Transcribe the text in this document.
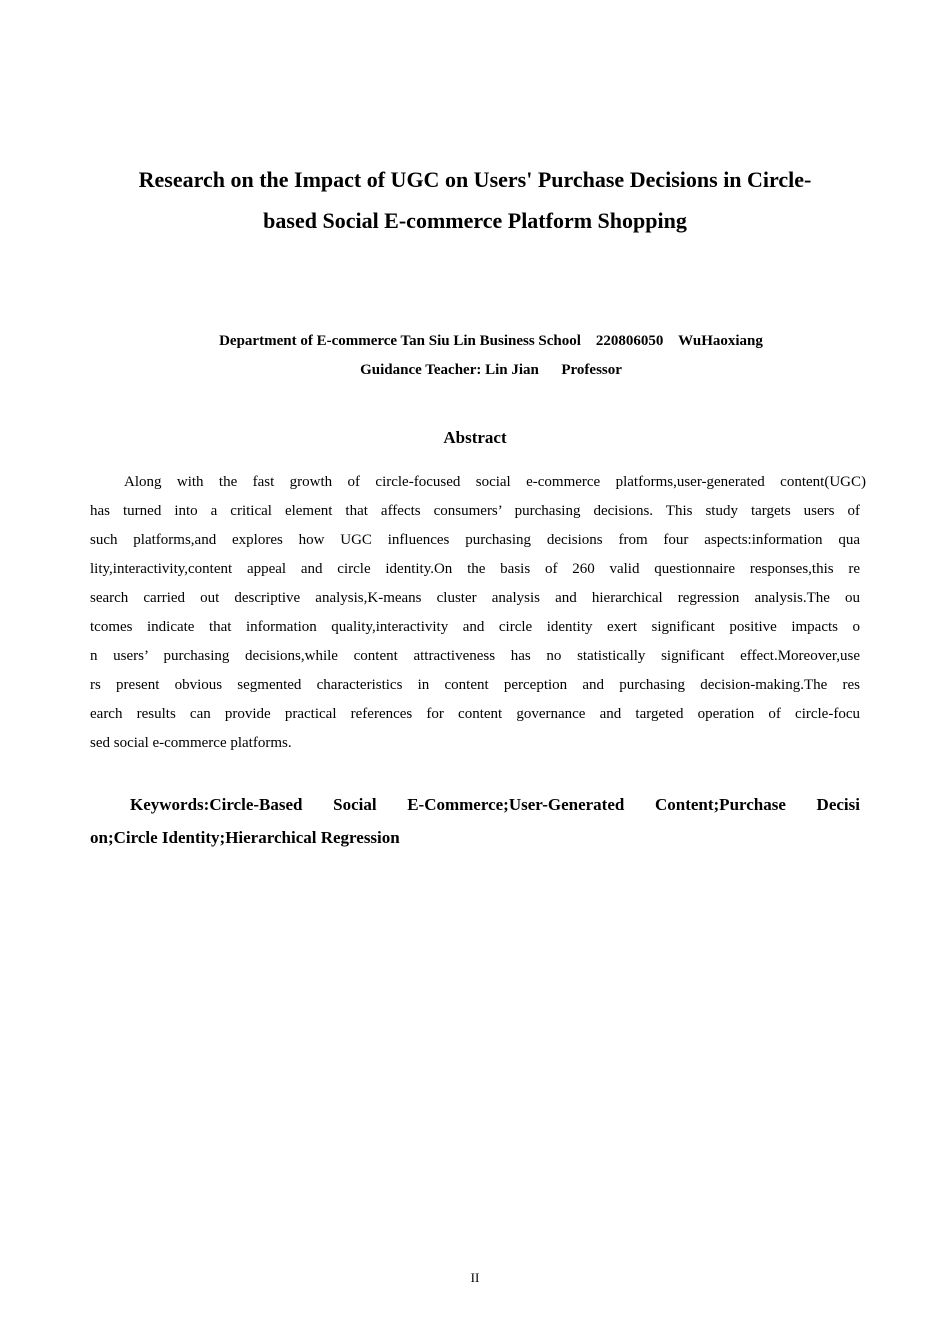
Research on the Impact of UGC on Users' Purchase Decisions in Circle-
based Social E-commerce Platform Shopping
Department of E-commerce Tan Siu Lin Business School    220806050    WuHaoxiang
Guidance Teacher: Lin Jian      Professor
Abstract
Along with the fast growth of circle-focused social e-commerce platforms,user-generated content(UGC)
has turned into a critical element that affects consumers’ purchasing decisions. This study targets users of
such platforms,and explores how UGC influences purchasing decisions from four aspects:information qua
lity,interactivity,content appeal and circle identity.On the basis of 260 valid questionnaire responses,this re
search carried out descriptive analysis,K-means cluster analysis and hierarchical regression analysis.The ou
tcomes indicate that information quality,interactivity and circle identity exert significant positive impacts o
n users’ purchasing decisions,while content attractiveness has no statistically significant effect.Moreover,use
rs present obvious segmented characteristics in content perception and purchasing decision-making.The res
earch results can provide practical references for content governance and targeted operation of circle-focu
sed social e-commerce platforms.
Keywords:Circle-Based Social E-Commerce;User-Generated Content;Purchase Decisi
on;Circle Identity;Hierarchical Regression
II
